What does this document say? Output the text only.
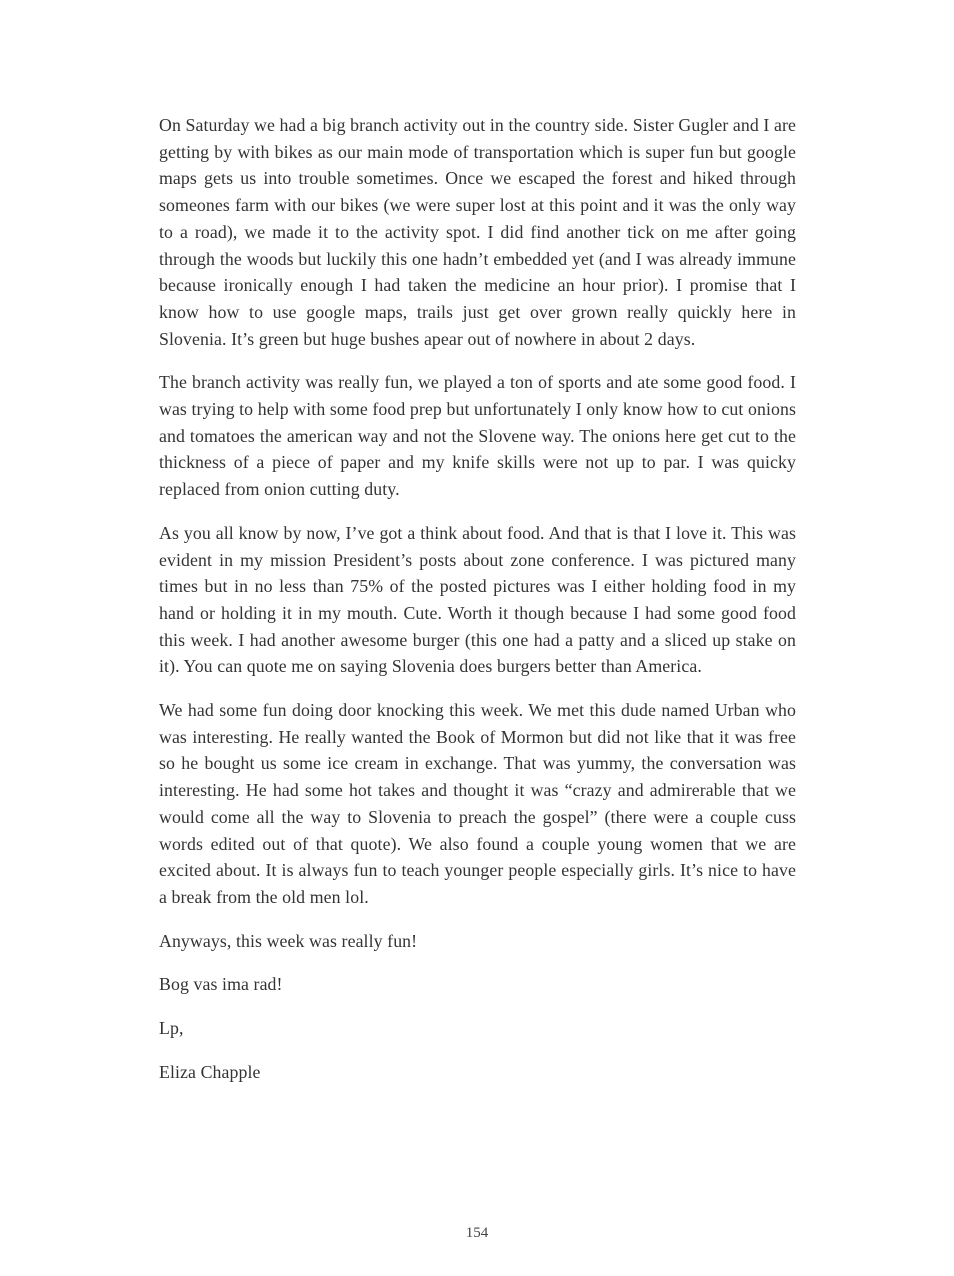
On Saturday we had a big branch activity out in the country side. Sister Gugler and I are getting by with bikes as our main mode of transportation which is super fun but google maps gets us into trouble sometimes. Once we escaped the forest and hiked through someones farm with our bikes (we were super lost at this point and it was the only way to a road), we made it to the activity spot. I did find another tick on me after going through the woods but luckily this one hadn’t embedded yet (and I was already immune because ironically enough I had taken the medicine an hour prior). I promise that I know how to use google maps, trails just get over grown really quickly here in Slovenia. It’s green but huge bushes apear out of nowhere in about 2 days.

The branch activity was really fun, we played a ton of sports and ate some good food. I was trying to help with some food prep but unfortunately I only know how to cut onions and tomatoes the american way and not the Slovene way. The onions here get cut to the thickness of a piece of paper and my knife skills were not up to par. I was quicky replaced from onion cutting duty.

As you all know by now, I’ve got a think about food. And that is that I love it. This was evident in my mission President’s posts about zone conference. I was pictured many times but in no less than 75% of the posted pictures was I either holding food in my hand or holding it in my mouth. Cute. Worth it though because I had some good food this week. I had another awesome burger (this one had a patty and a sliced up stake on it). You can quote me on saying Slovenia does burgers better than America.

We had some fun doing door knocking this week. We met this dude named Urban who was interesting. He really wanted the Book of Mormon but did not like that it was free so he bought us some ice cream in exchange. That was yummy, the conversation was interesting. He had some hot takes and thought it was “crazy and admirerable that we would come all the way to Slovenia to preach the gospel” (there were a couple cuss words edited out of that quote). We also found a couple young women that we are excited about. It is always fun to teach younger people especially girls. It’s nice to have a break from the old men lol.

Anyways, this week was really fun!

Bog vas ima rad!

Lp,

Eliza Chapple

154
